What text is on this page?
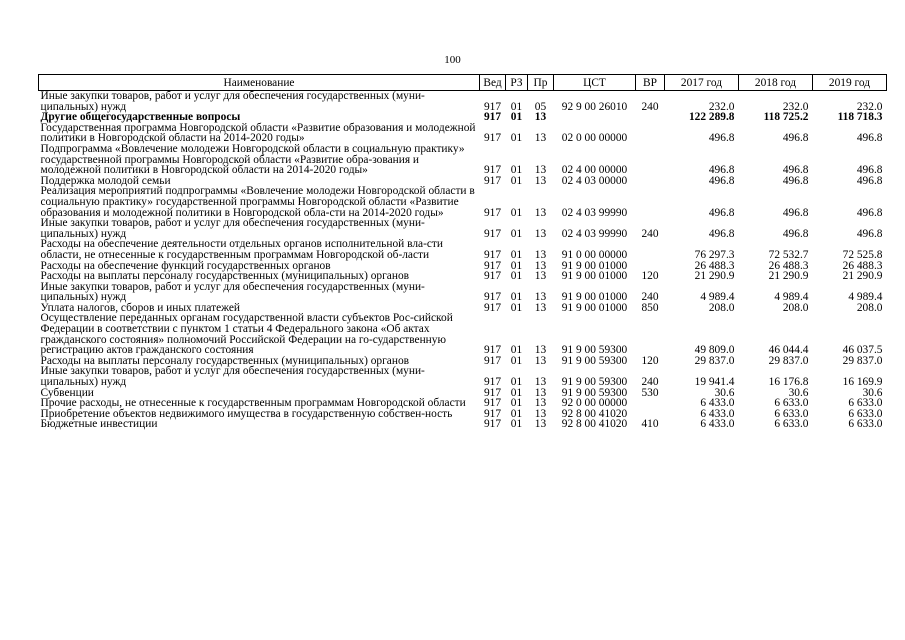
100
Наименование	Вед	РЗ	Пр	ЦСТ	ВР	2017 год	2018 год	2019 год
Иные закупки товаров, работ и услуг для обеспечения государственных (муни-ципальных) нужд	917	01	05	92 9 00 26010	240	232.0	232.0	232.0
Другие общегосударственные вопросы	917	01	13			122 289.8	118 725.2	118 718.3
Государственная программа Новгородской области «Развитие образования и молодежной политики в Новгородской области на 2014-2020 годы»	917	01	13	02 0 00 00000		496.8	496.8	496.8
Подпрограмма «Вовлечение молодежи Новгородской области в социальную практику» государственной программы Новгородской области «Развитие обра-зования и молодежной политики в Новгородской области на 2014-2020 годы»	917	01	13	02 4 00 00000		496.8	496.8	496.8
Поддержка молодой семьи	917	01	13	02 4 03 00000		496.8	496.8	496.8
Реализация мероприятий подпрограммы «Вовлечение молодежи Новгородской области в социальную практику» государственной программы Новгородской области «Развитие образования и молодежной политики в Новгородской обла-сти на 2014-2020 годы»	917	01	13	02 4 03 99990		496.8	496.8	496.8
Иные закупки товаров, работ и услуг для обеспечения государственных (муни-ципальных) нужд	917	01	13	02 4 03 99990	240	496.8	496.8	496.8
Расходы на обеспечение деятельности отдельных органов исполнительной вла-сти области, не отнесенные к государственным программам Новгородской об-ласти	917	01	13	91 0 00 00000		76 297.3	72 532.7	72 525.8
Расходы на обеспечение функций государственных органов	917	01	13	91 9 00 01000		26 488.3	26 488.3	26 488.3
Расходы на выплаты персоналу государственных (муниципальных) органов	917	01	13	91 9 00 01000	120	21 290.9	21 290.9	21 290.9
Иные закупки товаров, работ и услуг для обеспечения государственных (муни-ципальных) нужд	917	01	13	91 9 00 01000	240	4 989.4	4 989.4	4 989.4
Уплата налогов, сборов и иных платежей	917	01	13	91 9 00 01000	850	208.0	208.0	208.0
Осуществление переданных органам государственной власти субъектов Рос-сийской Федерации в соответствии с пунктом 1 статьи 4 Федерального закона «Об актах гражданского состояния» полномочий Российской Федерации на го-сударственную регистрацию актов гражданского состояния	917	01	13	91 9 00 59300		49 809.0	46 044.4	46 037.5
Расходы на выплаты персоналу государственных (муниципальных) органов	917	01	13	91 9 00 59300	120	29 837.0	29 837.0	29 837.0
Иные закупки товаров, работ и услуг для обеспечения государственных (муни-ципальных) нужд	917	01	13	91 9 00 59300	240	19 941.4	16 176.8	16 169.9
Субвенции	917	01	13	91 9 00 59300	530	30.6	30.6	30.6
Прочие расходы, не отнесенные к государственным программам Новгородской области	917	01	13	92 0 00 00000		6 433.0	6 633.0	6 633.0
Приобретение объектов недвижимого имущества в государственную собствен-ность	917	01	13	92 8 00 41020		6 433.0	6 633.0	6 633.0
Бюджетные инвестиции	917	01	13	92 8 00 41020	410	6 433.0	6 633.0	6 633.0
